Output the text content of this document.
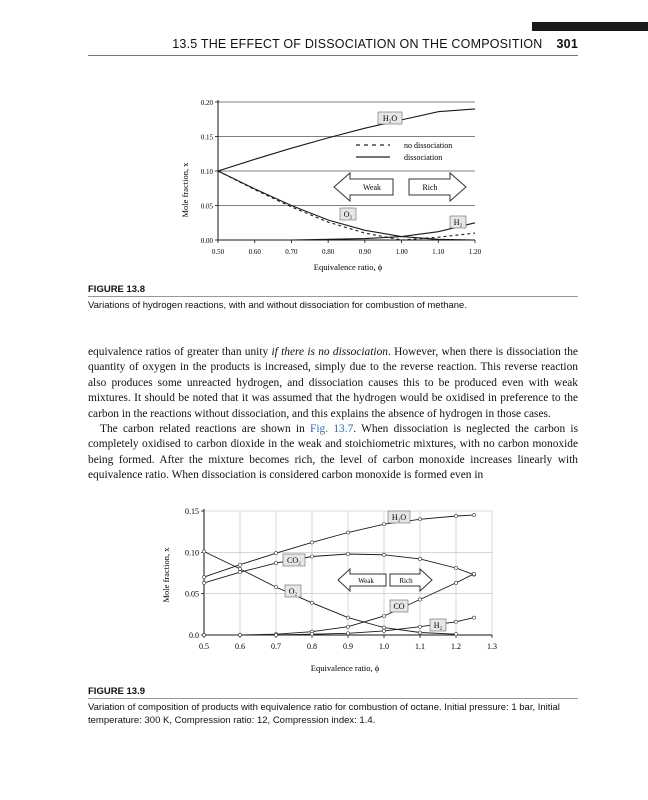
13.5 THE EFFECT OF DISSOCIATION ON THE COMPOSITION 301
0.50	0.60	0.70	0.80	0.90	1.00	1.10	1.20
0.00
0.05
0.10
0.15
0.20
no dissociation
dissociation
Weak	Rich
H₂O
O₂
H₂
Equivalence ratio, ϕ
Mole fraction, x
FIGURE 13.8
Variations of hydrogen reactions, with and without dissociation for combustion of methane.

equivalence ratios of greater than unity if there is no dissociation. However, when there is dissociation the quantity of oxygen in the products is increased, simply due to the reverse reaction. This reverse reaction also produces some unreacted hydrogen, and dissociation causes this to be produced even with weak mixtures. It should be noted that it was assumed that the hydrogen would be oxidised in preference to the carbon in the reactions without dissociation, and this explains the absence of hydrogen in those cases.

The carbon related reactions are shown in Fig. 13.7. When dissociation is neglected the carbon is completely oxidised to carbon dioxide in the weak and stoichiometric mixtures, with no carbon monoxide being formed. After the mixture becomes rich, the level of carbon monoxide increases linearly with equivalence ratio. When dissociation is considered carbon monoxide is formed even in

0.5	0.6	0.7	0.8	0.9	1.0	1.1	1.2	1.3
0.0
0.05
0.10
0.15
Weak	Rich
H₂O
CO₂
O₂
CO
H₂
Equivalence ratio, ϕ
Mole fraction, x
FIGURE 13.9
Variation of composition of products with equivalence ratio for combustion of octane. Initial pressure: 1 bar, Initial temperature: 300 K, Compression ratio: 12, Compression index: 1.4.
